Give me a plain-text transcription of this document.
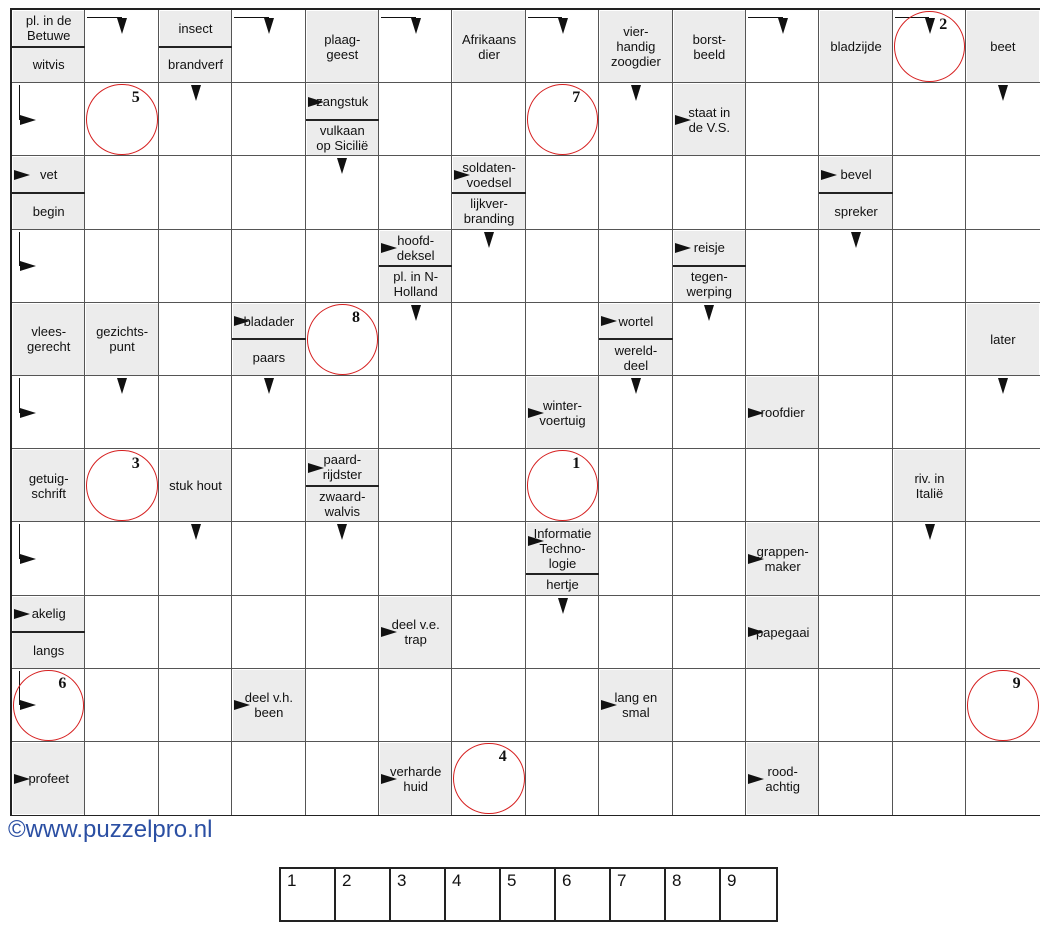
pl. in de
Betuwe
witvis
insect
brandverf
plaag-
geest
Afrikaans
dier
vier-
handig
zoogdier
borst-
beeld	bladzijde	beet
zangstuk
vulkaan
op Sicilië
staat in
de V.S.
vet
begin
soldaten-
voedsel
lijkver-
branding
bevel
spreker
hoofd-
deksel
pl. in N-
Holland
reisje
tegen-
werping
vlees-
gerecht
gezichts-
punt
bladader
paars
wortel
wereld-
deel
later
winter-
voertuig	roofdier
getuig-
schrift	stuk hout
paard-
rijdster
zwaard-
walvis
riv. in
Italië
Informatie
Techno-
logie
hertje
grappen-
maker
akelig
langs
deel v.e.
trap	papegaai
deel v.h.
been
lang en
smal
profeet	verharde
huid
rood-
achtig
2
5	7
8
3	1
6	9
4
©www.puzzelpro.nl
1	2	3	4	5	6	7	8	9
